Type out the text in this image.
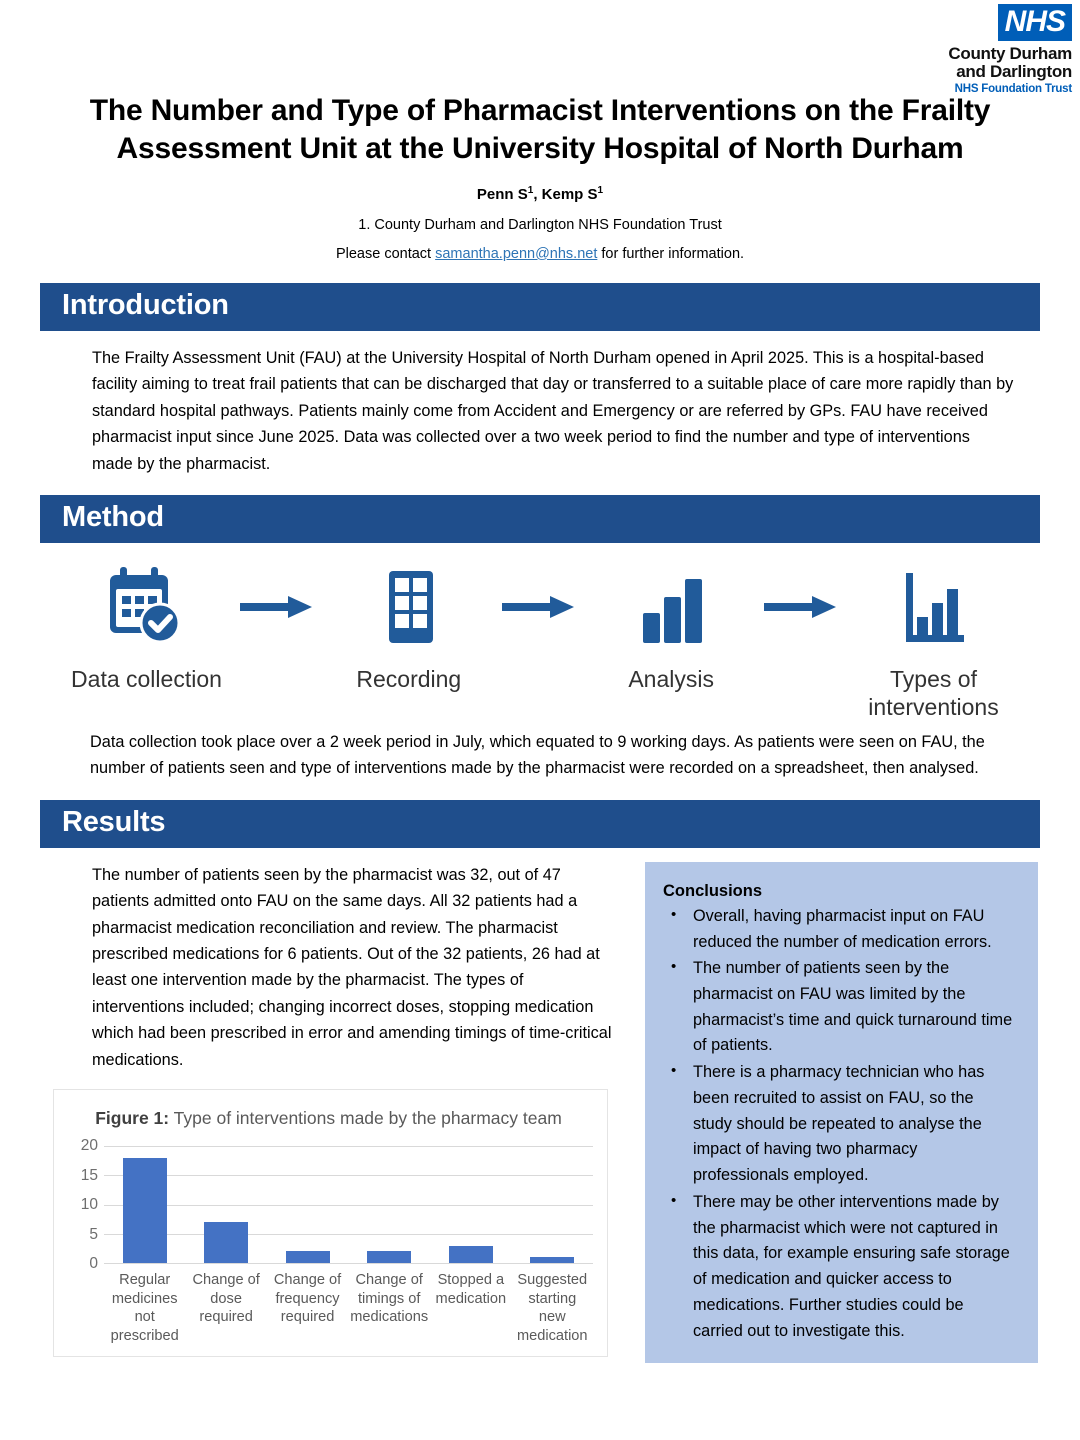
NHS
County Durham
and Darlington
NHS Foundation Trust
The Number and Type of Pharmacist Interventions on the Frailty Assessment Unit at the University Hospital of North Durham
Penn $S^1$, Kemp $S^1$
1. County Durham and Darlington NHS Foundation Trust
Please contact samantha.penn@nhs.net for further information.
Introduction
The Frailty Assessment Unit (FAU) at the University Hospital of North Durham opened in April 2025. This is a hospital-based facility aiming to treat frail patients that can be discharged that day or transferred to a suitable place of care more rapidly than by standard hospital pathways. Patients mainly come from Accident and Emergency or are referred by GPs. FAU have received pharmacist input since June 2025. Data was collected over a two week period to find the number and type of interventions made by the pharmacist.
Method
Data collection	Recording	Analysis	Types of interventions
Data collection took place over a 2 week period in July, which equated to 9 working days. As patients were seen on FAU, the number of patients seen and type of interventions made by the pharmacist were recorded on a spreadsheet, then analysed.
Results
The number of patients seen by the pharmacist was 32, out of 47 patients admitted onto FAU on the same days. All 32 patients had a pharmacist medication reconciliation and review. The pharmacist prescribed medications for 6 patients. Out of the 32 patients, 26 had at least one intervention made by the pharmacist. The types of interventions included; changing incorrect doses, stopping medication which had been prescribed in error and amending timings of time-critical medications.
Figure 1: Type of interventions made by the pharmacy team
20
15
10
5
0
Regular medicines not prescribed
Change of dose required
Change of frequency required
Change of timings of medications
Stopped a medication
Suggested starting new medication
Conclusions
• Overall, having pharmacist input on FAU reduced the number of medication errors.
• The number of patients seen by the pharmacist on FAU was limited by the pharmacist’s time and quick turnaround time of patients.
• There is a pharmacy technician who has been recruited to assist on FAU, so the study should be repeated to analyse the impact of having two pharmacy professionals employed.
• There may be other interventions made by the pharmacist which were not captured in this data, for example ensuring safe storage of medication and quicker access to medications. Further studies could be carried out to investigate this.
